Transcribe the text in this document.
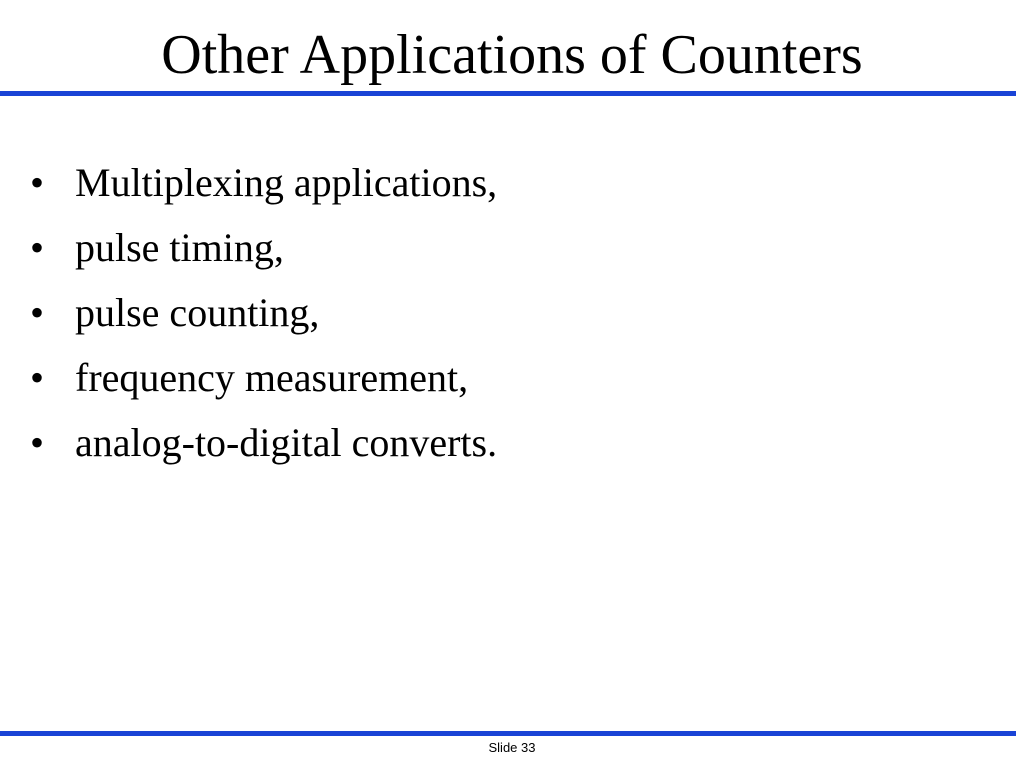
Other Applications of Counters
• Multiplexing applications,
• pulse timing,
• pulse counting,
• frequency measurement,
• analog-to-digital converts.
Slide 33
